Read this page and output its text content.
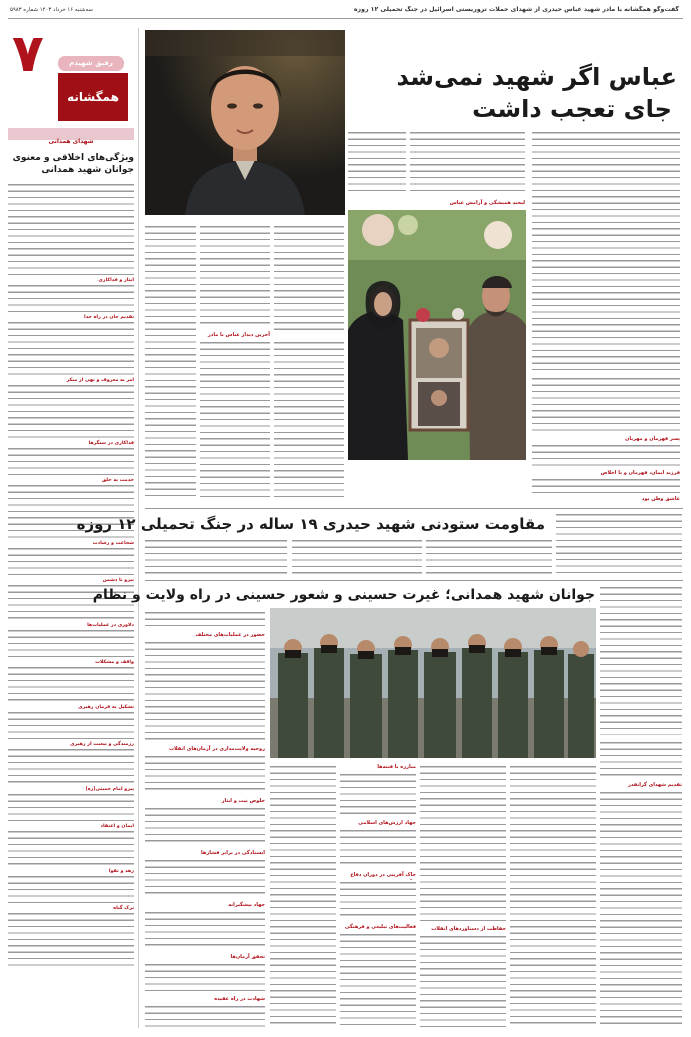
گفت‌وگو همگشانه با مادر شهید عباس حیدری از شهدای حملات تروریستی اسرائیل در جنگ تحمیلی ۱۲ روزه
سه‌شنبه ۱۶ خرداد ۱۴۰۳ شماره ۵۹۸۳
۷	رفیق شهیدم
همگشانه
شهدای همدانی
ویژگی‌های اخلاقی و معنوی جوانان شهید همدانی
ایثار و فداکاری
تقدیم جان در راه خدا
امر به معروف و نهی از منکر
فداکاری در سنگرها
خدمت به خلق
شجاعت و رشادت
نیرو تا دشمن
دلاوری در عملیات‌ها
واقف و مشکلات
تشکیل به فرمان رهبری
رزمندگی و تبعیت از رهبری
پیرو امام خمینی(ره)
ایمان و اعتقاد
زهد و تقوا
ترک گناه
عباس اگر شهید نمی‌شد
جای تعجب داشت
لبخند همیشگی و آرامش عباس
پسر قهرمان و مهربان
فرزند ایمان، قهرمان و با اخلاص
عاشق وطن بود
آخرین دیدار عباس با مادر
مقاومت ستودنی شهید حیدری ۱۹ ساله در جنگ تحمیلی ۱۲ روزه
جوانان شهید همدانی؛ غیرت حسینی و شعور حسینی در راه ولایت و نظام
حضور در عملیات‌های مختلف
تقدیم شهدای گرانقدر
حفاظت از دستاوردهای انقلاب
مبارزه با فتنه‌ها
جهاد ارزش‌های اسلامی
خاک آفرینی در دوران دفاع
فعالیت‌های تبلیغی و فرهنگی
روحیه ولایت‌مداری در آرمان‌های انقلاب
خلوص نیت و ایثار
ایستادگی در برابر فشارها
جهاد پیشگیرانه
تحقق آرمان‌ها
شهادت در راه عقیده
